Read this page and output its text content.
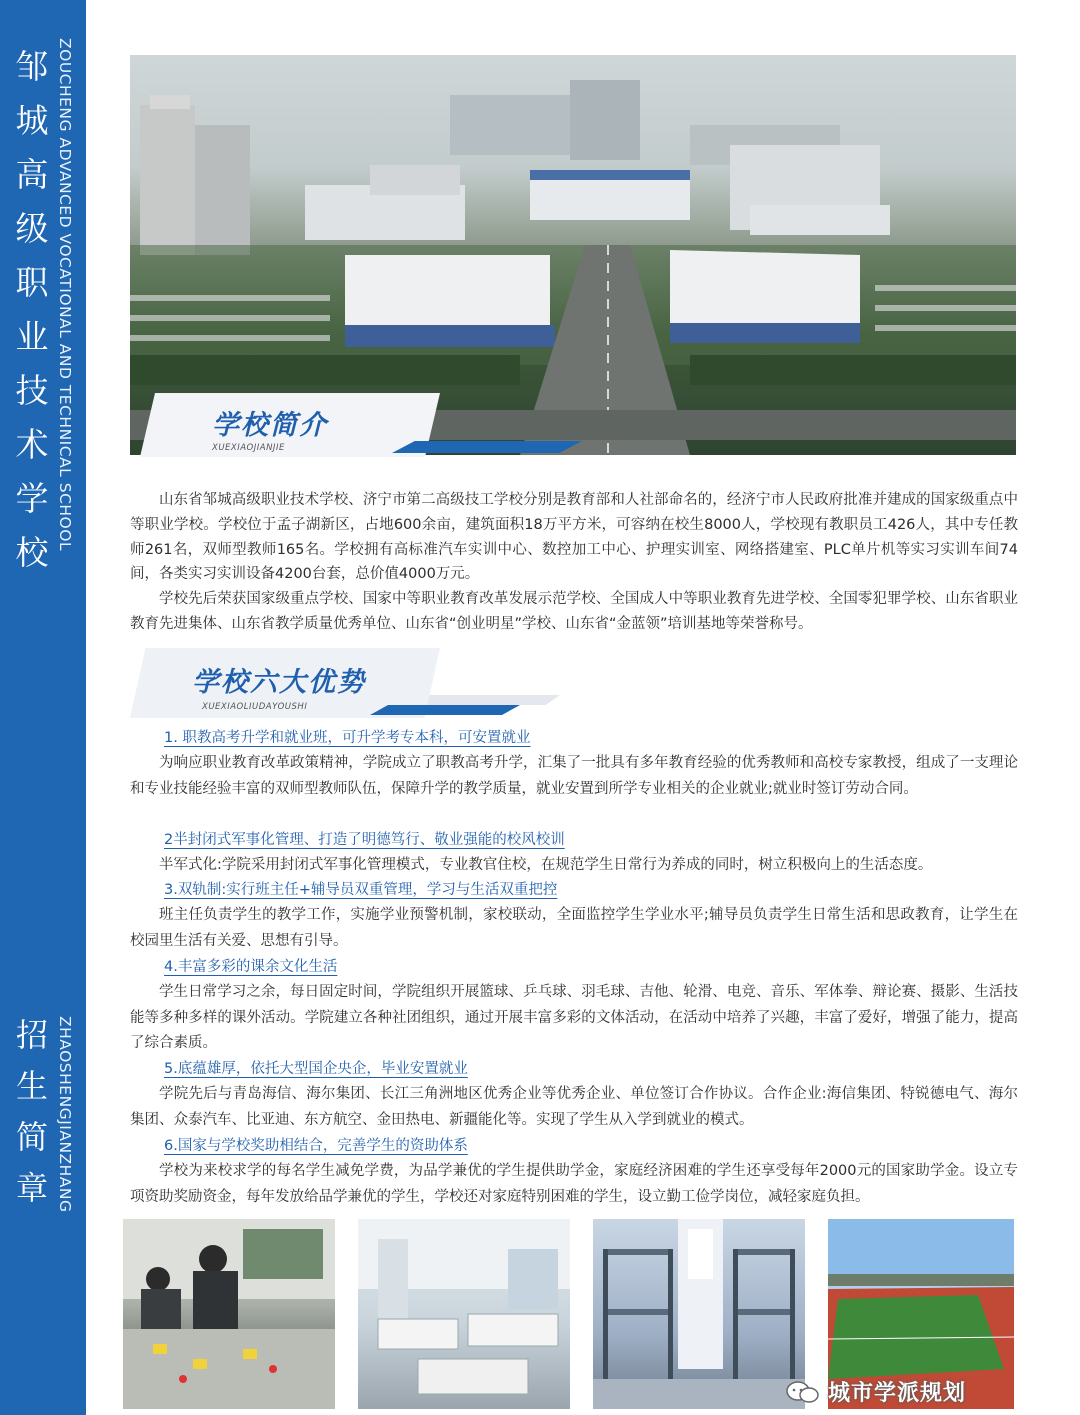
邹城高级职业技术学校
ZOUCHENG ADVANCED VOCATIONAL AND TECHNICAL SCHOOL
招生简章 ZHAOSHENGJIANZHANG
学校简介
XUEXIAOJIANJIE
山东省邹城高级职业技术学校、济宁市第二高级技工学校分别是教育部和人社部命名的，经济宁市人民政府批准并建成的国家级重点中等职业学校。学校位于孟子湖新区，占地600余亩，建筑面积18万平方米，可容纳在校生8000人，学校现有教职员工426人，其中专任教师261名，双师型教师165名。学校拥有高标准汽车实训中心、数控加工中心、护理实训室、网络搭建室、PLC单片机等实习实训车间74间，各类实习实训设备4200台套，总价值4000万元。
学校先后荣获国家级重点学校、国家中等职业教育改革发展示范学校、全国成人中等职业教育先进学校、全国零犯罪学校、山东省职业教育先进集体、山东省教学质量优秀单位、山东省“创业明星”学校、山东省“金蓝领”培训基地等荣誉称号。
学校六大优势
XUEXIAOLIUDAYOUSHI
1. 职教高考升学和就业班，可升学考专本科，可安置就业
为响应职业教育改革政策精神，学院成立了职教高考升学，汇集了一批具有多年教育经验的优秀教师和高校专家教授，组成了一支理论和专业技能经验丰富的双师型教师队伍，保障升学的教学质量，就业安置到所学专业相关的企业就业;就业时签订劳动合同。
2半封闭式军事化管理、打造了明德笃行、敬业强能的校风校训
半军式化:学院采用封闭式军事化管理模式，专业教官住校，在规范学生日常行为养成的同时，树立积极向上的生活态度。
3.双轨制:实行班主任+辅导员双重管理，学习与生活双重把控
班主任负责学生的教学工作，实施学业预警机制，家校联动，全面监控学生学业水平;辅导员负责学生日常生活和思政教育，让学生在校园里生活有关爱、思想有引导。
4.丰富多彩的课余文化生活
学生日常学习之余，每日固定时间，学院组织开展篮球、乒乓球、羽毛球、吉他、轮滑、电竞、音乐、军体拳、辩论赛、摄影、生活技能等多种多样的课外活动。学院建立各种社团组织，通过开展丰富多彩的文体活动，在活动中培养了兴趣，丰富了爱好，增强了能力，提高了综合素质。
5.底蕴雄厚，依托大型国企央企，毕业安置就业
学院先后与青岛海信、海尔集团、长江三角洲地区优秀企业等优秀企业、单位签订合作协议。合作企业:海信集团、特锐德电气、海尔集团、众泰汽车、比亚迪、东方航空、金田热电、新疆能化等。实现了学生从入学到就业的模式。
6.国家与学校奖助相结合，完善学生的资助体系
学校为来校求学的每名学生减免学费，为品学兼优的学生提供助学金，家庭经济困难的学生还享受每年2000元的国家助学金。设立专项资助奖励资金，每年发放给品学兼优的学生，学校还对家庭特别困难的学生，设立勤工俭学岗位，减轻家庭负担。
城市学派规划
